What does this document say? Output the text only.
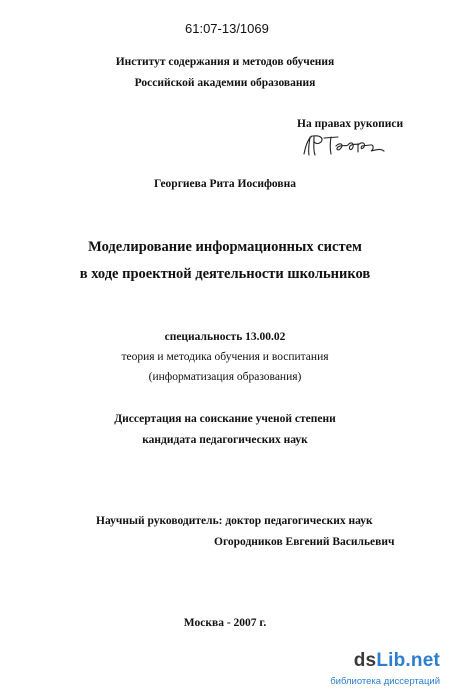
61:07-13/1069
Институт содержания и методов обучения
Российской академии образования
На правах рукописи
Георгиева Рита Иосифовна
Моделирование информационных систем
в ходе проектной деятельности школьников
специальность 13.00.02
теория и методика обучения и воспитания
(информатизация образования)
Диссертация на соискание ученой степени
кандидата педагогических наук
Научный руководитель: доктор педагогических наук
Огородников Евгений Васильевич
Москва - 2007 г.
dsLib.net
библиотека диссертаций
